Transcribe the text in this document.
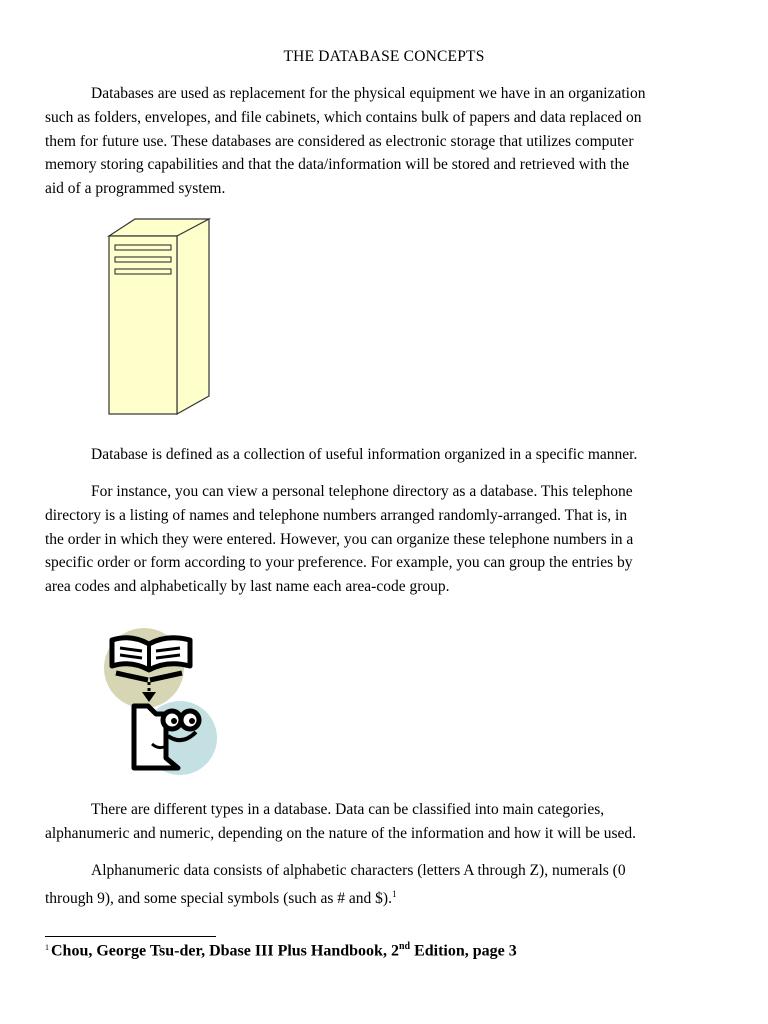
THE DATABASE CONCEPTS

Databases are used as replacement for the physical equipment we have in an organization
such as folders, envelopes, and file cabinets, which contains bulk of papers and data replaced on
them for future use. These databases are considered as electronic storage that utilizes computer
memory storing capabilities and that the data/information will be stored and retrieved with the
aid of a programmed system.

Database is defined as a collection of useful information organized in a specific manner.

For instance, you can view a personal telephone directory as a database. This telephone
directory is a listing of names and telephone numbers arranged randomly-arranged. That is, in
the order in which they were entered. However, you can organize these telephone numbers in a
specific order or form according to your preference. For example, you can group the entries by
area codes and alphabetically by last name each area-code group.

There are different types in a database. Data can be classified into main categories,
alphanumeric and numeric, depending on the nature of the information and how it will be used.

Alphanumeric data consists of alphabetic characters (letters A through Z), numerals (0
through 9), and some special symbols (such as # and $).$^1$

$^1$ Chou, George Tsu-der, Dbase III Plus Handbook, 2nd Edition, page 3
